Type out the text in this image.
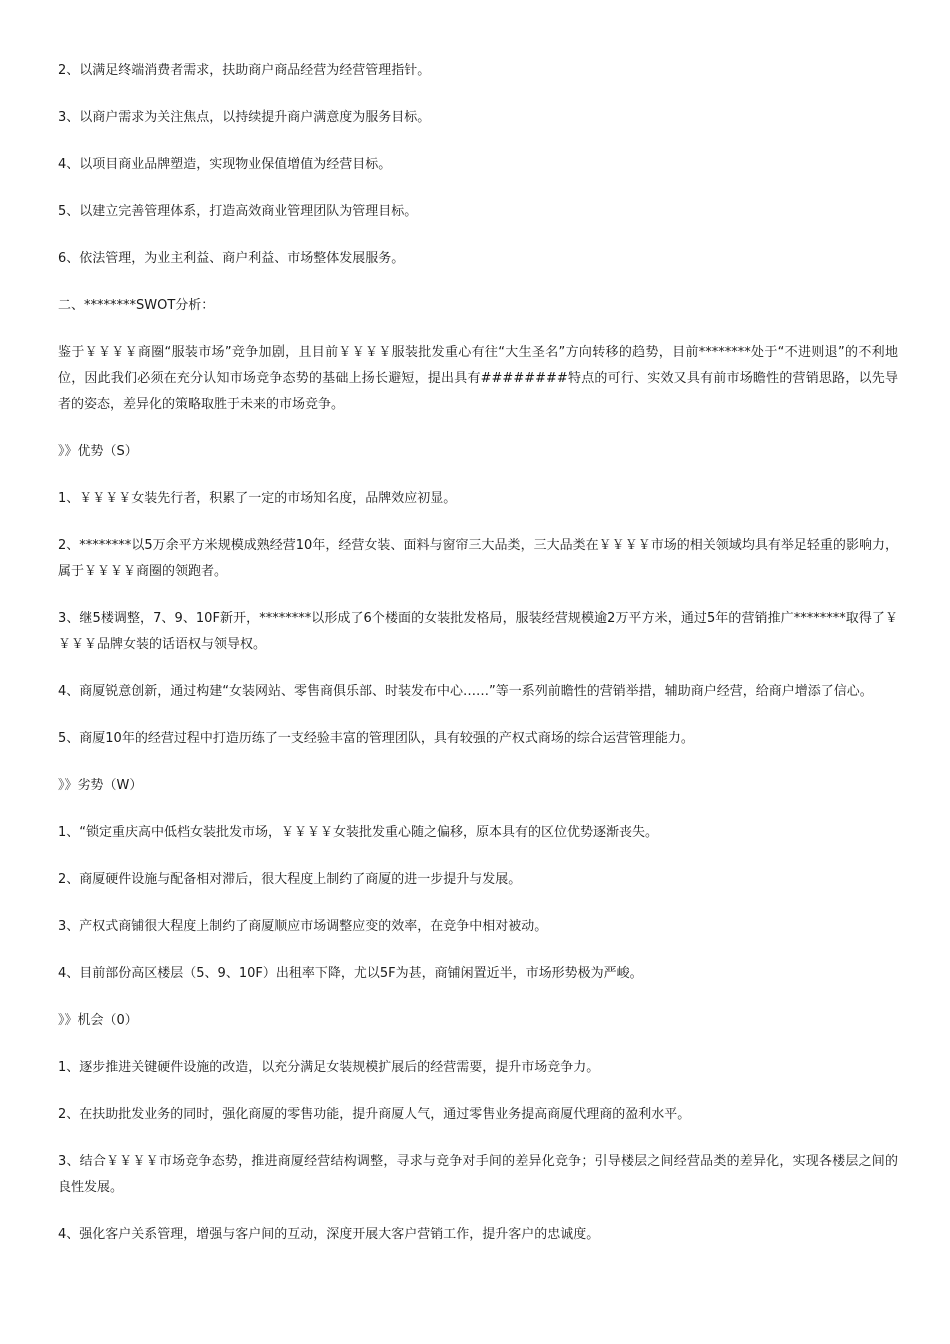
2、以满足终端消费者需求，扶助商户商品经营为经营管理指针。

3、以商户需求为关注焦点，以持续提升商户满意度为服务目标。

4、以项目商业品牌塑造，实现物业保值增值为经营目标。

5、以建立完善管理体系，打造高效商业管理团队为管理目标。

6、依法管理，为业主利益、商户利益、市场整体发展服务。

二、********SWOT分析：

鉴于￥￥￥￥商圈“服装市场”竞争加剧，且目前￥￥￥￥服装批发重心有往“大生圣名”方向转移的趋势，目前********处于“不进则退”的不利地位，因此我们必须在充分认知市场竞争态势的基础上扬长避短，提出具有########特点的可行、实效又具有前市场瞻性的营销思路，以先导者的姿态，差异化的策略取胜于未来的市场竞争。

》》优势（S）

1、￥￥￥￥女装先行者，积累了一定的市场知名度，品牌效应初显。

2、********以5万余平方米规模成熟经营10年，经营女装、面料与窗帘三大品类，三大品类在￥￥￥￥市场的相关领域均具有举足轻重的影响力，属于￥￥￥￥商圈的领跑者。

3、继5楼调整，7、9、10F新开，********以形成了6个楼面的女装批发格局，服装经营规模逾2万平方米，通过5年的营销推广********取得了￥￥￥￥品牌女装的话语权与领导权。

4、商厦锐意创新，通过构建“女装网站、零售商俱乐部、时装发布中心……”等一系列前瞻性的营销举措，辅助商户经营，给商户增添了信心。

5、商厦10年的经营过程中打造历练了一支经验丰富的管理团队，具有较强的产权式商场的综合运营管理能力。

》》劣势（W）

1、“锁定重庆高中低档女装批发市场，￥￥￥￥女装批发重心随之偏移，原本具有的区位优势逐渐丧失。

2、商厦硬件设施与配备相对滞后，很大程度上制约了商厦的进一步提升与发展。

3、产权式商铺很大程度上制约了商厦顺应市场调整应变的效率，在竞争中相对被动。

4、目前部份高区楼层（5、9、10F）出租率下降，尤以5F为甚，商铺闲置近半，市场形势极为严峻。

》》机会（0）

1、逐步推进关键硬件设施的改造，以充分满足女装规模扩展后的经营需要，提升市场竞争力。

2、在扶助批发业务的同时，强化商厦的零售功能，提升商厦人气，通过零售业务提高商厦代理商的盈利水平。

3、结合￥￥￥￥市场竞争态势，推进商厦经营结构调整，寻求与竞争对手间的差异化竞争；引导楼层之间经营品类的差异化，实现各楼层之间的良性发展。

4、强化客户关系管理，增强与客户间的互动，深度开展大客户营销工作，提升客户的忠诚度。
